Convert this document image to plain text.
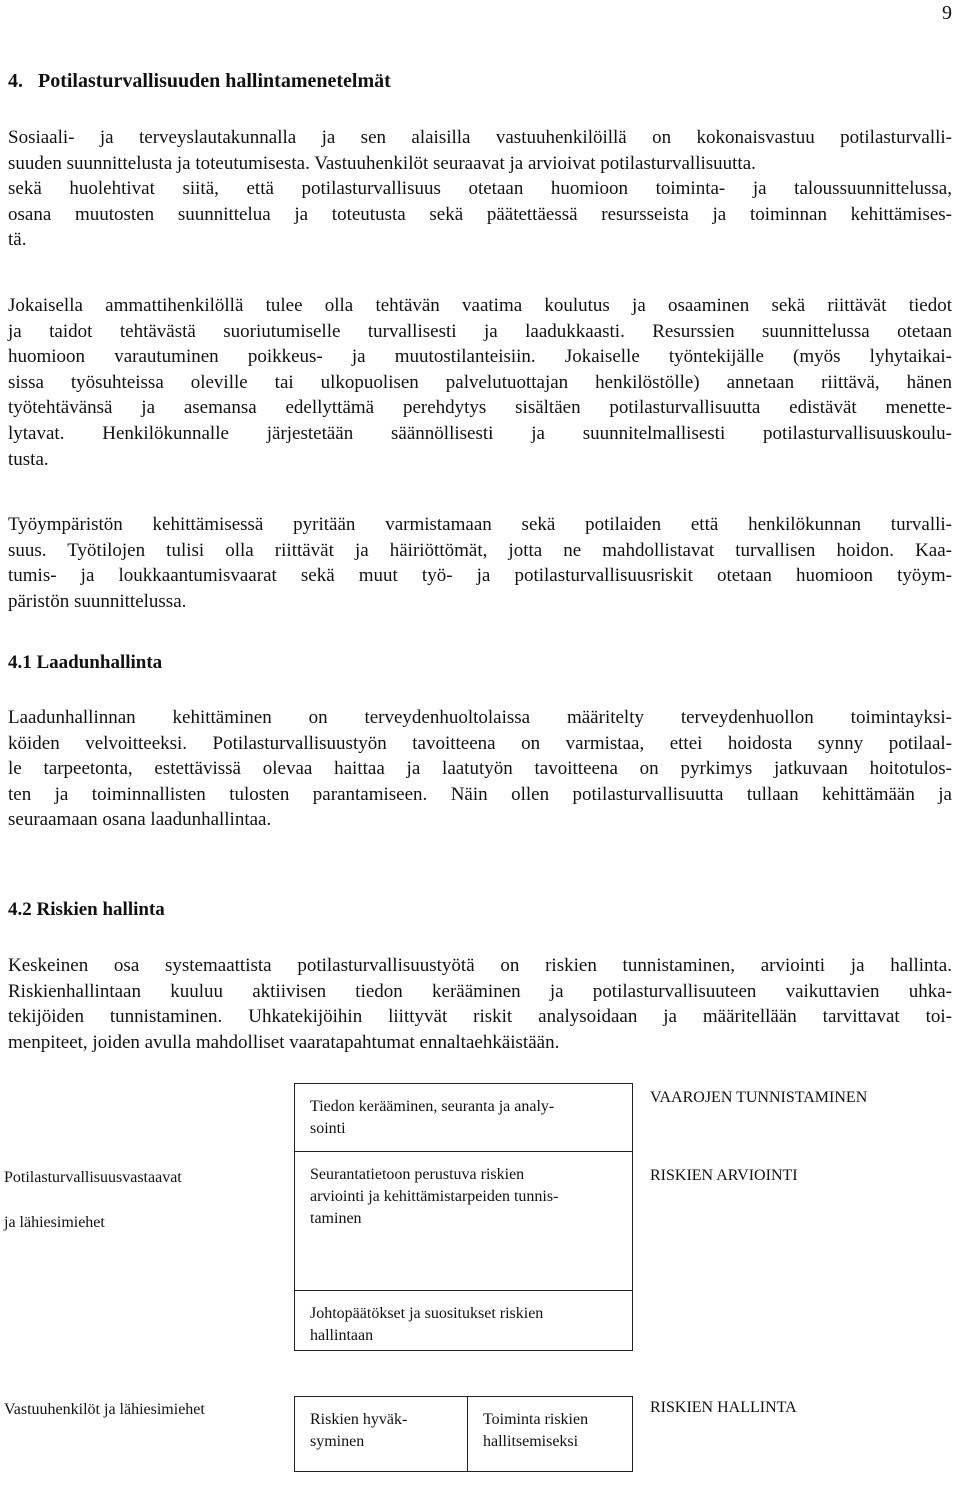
9
4. Potilasturvallisuuden hallintamenetelmät
Sosiaali- ja terveyslautakunnalla ja sen alaisilla vastuuhenkilöillä on kokonaisvastuu potilasturvalli-
suuden suunnittelusta ja toteutumisesta. Vastuuhenkilöt seuraavat ja arvioivat potilasturvallisuutta.
sekä huolehtivat siitä, että potilasturvallisuus otetaan huomioon toiminta- ja taloussuunnittelussa,
osana muutosten suunnittelua ja toteutusta sekä päätettäessä resursseista ja toiminnan kehittämises-
tä.
Jokaisella ammattihenkilöllä tulee olla tehtävän vaatima koulutus ja osaaminen sekä riittävät tiedot
ja taidot tehtävästä suoriutumiselle turvallisesti ja laadukkaasti. Resurssien suunnittelussa otetaan
huomioon varautuminen poikkeus- ja muutostilanteisiin. Jokaiselle työntekijälle (myös lyhytaikai-
sissa työsuhteissa oleville tai ulkopuolisen palvelutuottajan henkilöstölle) annetaan riittävä, hänen
työtehtävänsä ja asemansa edellyttämä perehdytys sisältäen potilasturvallisuutta edistävät menette-
lytavat. Henkilökunnalle järjestetään säännöllisesti ja suunnitelmallisesti potilasturvallisuuskoulu-
tusta.
Työympäristön kehittämisessä pyritään varmistamaan sekä potilaiden että henkilökunnan turvalli-
suus. Työtilojen tulisi olla riittävät ja häiriöttömät, jotta ne mahdollistavat turvallisen hoidon. Kaa-
tumis- ja loukkaantumisvaarat sekä muut työ- ja potilasturvallisuusriskit otetaan huomioon työym-
päristön suunnittelussa.
4.1 Laadunhallinta
Laadunhallinnan kehittäminen on terveydenhuoltolaissa määritelty terveydenhuollon toimintayksi-
köiden velvoitteeksi. Potilasturvallisuustyön tavoitteena on varmistaa, ettei hoidosta synny potilaal-
le tarpeetonta, estettävissä olevaa haittaa ja laatutyön tavoitteena on pyrkimys jatkuvaan hoitotulos-
ten ja toiminnallisten tulosten parantamiseen. Näin ollen potilasturvallisuutta tullaan kehittämään ja
seuraamaan osana laadunhallintaa.
4.2 Riskien hallinta
Keskeinen osa systemaattista potilasturvallisuustyötä on riskien tunnistaminen, arviointi ja hallinta.
Riskienhallintaan kuuluu aktiivisen tiedon kerääminen ja potilasturvallisuuteen vaikuttavien uhka-
tekijöiden tunnistaminen. Uhkatekijöihin liittyvät riskit analysoidaan ja määritellään tarvittavat toi-
menpiteet, joiden avulla mahdolliset vaaratapahtumat ennaltaehkäistään.
Tiedon kerääminen, seuranta ja analy-
sointi
Seurantatietoon perustuva riskien
arviointi ja kehittämistarpeiden tunnis-
taminen
Johtopäätökset ja suositukset riskien
hallintaan
Riskien hyväk-
syminen
Toiminta riskien
hallitsemiseksi
VAAROJEN TUNNISTAMINEN
RISKIEN ARVIOINTI
RISKIEN HALLINTA
Potilasturvallisuusvastaavat
ja lähiesimiehet
Vastuuhenkilöt ja lähiesimiehet
